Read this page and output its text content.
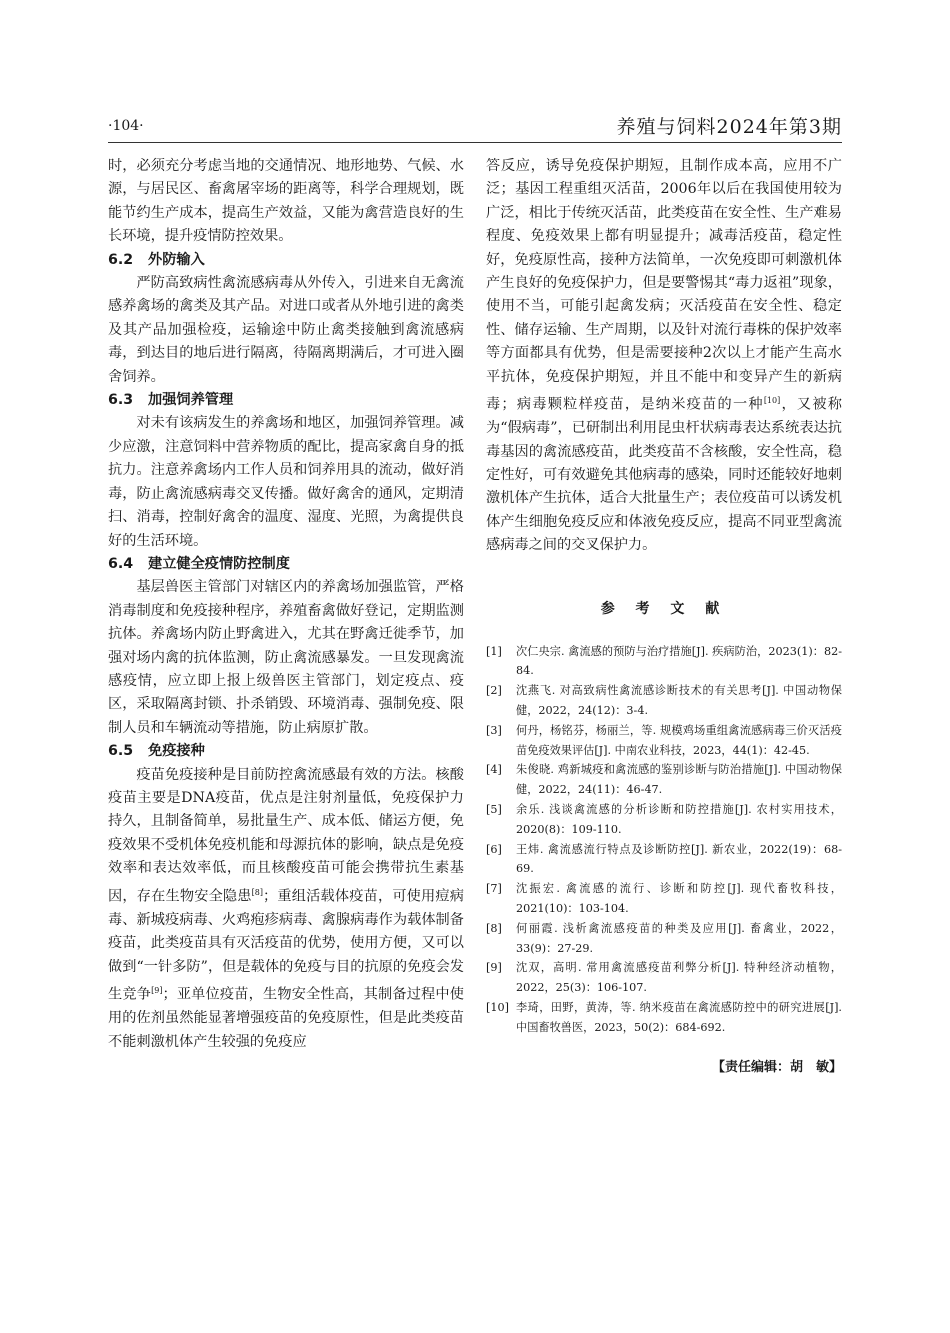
·104·	养殖与饲料2024年第3期

时，必须充分考虑当地的交通情况、地形地势、气候、水源，与居民区、畜禽屠宰场的距离等，科学合理规划，既能节约生产成本，提高生产效益，又能为禽营造良好的生长环境，提升疫情防控效果。

6.2 外防输入

严防高致病性禽流感病毒从外传入，引进来自无禽流感养禽场的禽类及其产品。对进口或者从外地引进的禽类及其产品加强检疫，运输途中防止禽类接触到禽流感病毒，到达目的地后进行隔离，待隔离期满后，才可进入圈舍饲养。

6.3 加强饲养管理

对未有该病发生的养禽场和地区，加强饲养管理。减少应激，注意饲料中营养物质的配比，提高家禽自身的抵抗力。注意养禽场内工作人员和饲养用具的流动，做好消毒，防止禽流感病毒交叉传播。做好禽舍的通风，定期清扫、消毒，控制好禽舍的温度、湿度、光照，为禽提供良好的生活环境。

6.4 建立健全疫情防控制度

基层兽医主管部门对辖区内的养禽场加强监管，严格消毒制度和免疫接种程序，养殖畜禽做好登记，定期监测抗体。养禽场内防止野禽进入，尤其在野禽迁徙季节，加强对场内禽的抗体监测，防止禽流感暴发。一旦发现禽流感疫情，应立即上报上级兽医主管部门，划定疫点、疫区，采取隔离封锁、扑杀销毁、环境消毒、强制免疫、限制人员和车辆流动等措施，防止病原扩散。

6.5 免疫接种

疫苗免疫接种是目前防控禽流感最有效的方法。核酸疫苗主要是DNA疫苗，优点是注射剂量低，免疫保护力持久，且制备简单，易批量生产、成本低、储运方便，免疫效果不受机体免疫机能和母源抗体的影响，缺点是免疫效率和表达效率低，而且核酸疫苗可能会携带抗生素基因，存在生物安全隐患[8]；重组活载体疫苗，可使用痘病毒、新城疫病毒、火鸡疱疹病毒、禽腺病毒作为载体制备疫苗，此类疫苗具有灭活疫苗的优势，使用方便，又可以做到“一针多防”，但是载体的免疫与目的抗原的免疫会发生竞争[9]；亚单位疫苗，生物安全性高，其制备过程中使用的佐剂虽然能显著增强疫苗的免疫原性，但是此类疫苗不能刺激机体产生较强的免疫应

答反应，诱导免疫保护期短，且制作成本高，应用不广泛；基因工程重组灭活苗，2006年以后在我国使用较为广泛，相比于传统灭活苗，此类疫苗在安全性、生产难易程度、免疫效果上都有明显提升；减毒活疫苗，稳定性好，免疫原性高，接种方法简单，一次免疫即可刺激机体产生良好的免疫保护力，但是要警惕其“毒力返祖”现象，使用不当，可能引起禽发病；灭活疫苗在安全性、稳定性、储存运输、生产周期，以及针对流行毒株的保护效率等方面都具有优势，但是需要接种2次以上才能产生高水平抗体，免疫保护期短，并且不能中和变异产生的新病毒；病毒颗粒样疫苗，是纳米疫苗的一种[10]，又被称为“假病毒”，已研制出利用昆虫杆状病毒表达系统表达抗毒基因的禽流感疫苗，此类疫苗不含核酸，安全性高，稳定性好，可有效避免其他病毒的感染，同时还能较好地刺激机体产生抗体，适合大批量生产；表位疫苗可以诱发机体产生细胞免疫反应和体液免疫反应，提高不同亚型禽流感病毒之间的交叉保护力。

参 考 文 献
[1]	次仁央宗. 禽流感的预防与治疗措施[J]. 疾病防治，2023(1)：82-84.
[2]	沈燕飞. 对高致病性禽流感诊断技术的有关思考[J]. 中国动物保健，2022，24(12)：3-4.
[3]	何丹，杨铭芬，杨丽兰，等. 规模鸡场重组禽流感病毒三价灭活疫苗免疫效果评估[J]. 中南农业科技，2023，44(1)：42-45.
[4]	朱俊晓. 鸡新城疫和禽流感的鉴别诊断与防治措施[J]. 中国动物保健，2022，24(11)：46-47.
[5]	余乐. 浅谈禽流感的分析诊断和防控措施[J]. 农村实用技术，2020(8)：109-110.
[6]	王炜. 禽流感流行特点及诊断防控[J]. 新农业，2022(19)：68-69.
[7]	沈振宏. 禽流感的流行、诊断和防控[J]. 现代畜牧科技，2021(10)：103-104.
[8]	何丽霞. 浅析禽流感疫苗的种类及应用[J]. 畜禽业，2022，33(9)：27-29.
[9]	沈双，高明. 常用禽流感疫苗利弊分析[J]. 特种经济动植物，2022，25(3)：106-107.
[10] 李琦，田野，黄涛，等. 纳米疫苗在禽流感防控中的研究进展[J]. 中国畜牧兽医，2023，50(2)：684-692.
【责任编辑：胡　敏】
